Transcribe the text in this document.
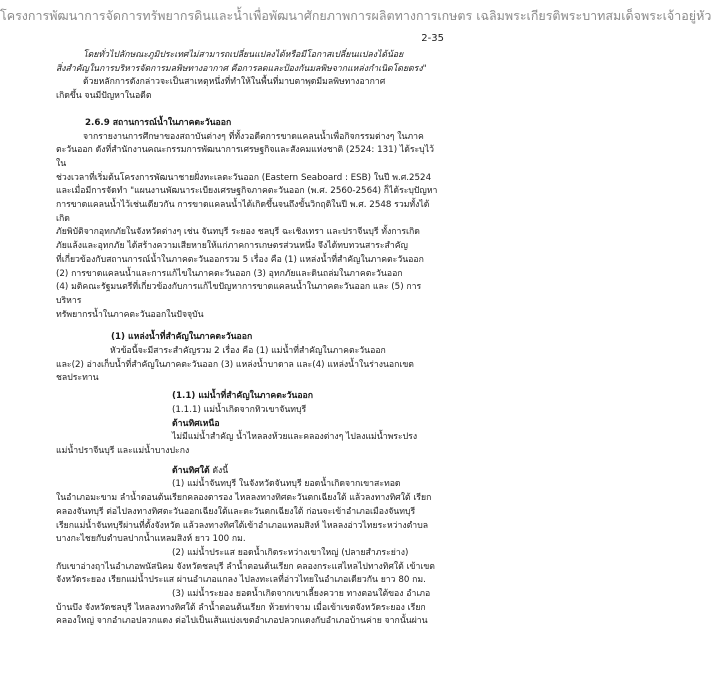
โครงการพัฒนาการจัดการทรัพยากรดินและน้ำเพื่อพัฒนาศักยภาพการผลิตทางการเกษตร เฉลิมพระเกียรติพระบาทสมเด็จพระเจ้าอยู่หัว
2-35

โดยทั่วไปลักษณะภูมิประเทศไม่สามารถเปลี่ยนแปลงได้หรือมีโอกาสเปลี่ยนแปลงได้น้อย

สิ่งสำคัญในการบริหารจัดการมลพิษทางอากาศ คือการลดและป้องกันมลพิษจากแหล่งกำเนิดโดยตรง"

ด้วยหลักการดังกล่าวจะเป็นสาเหตุหนึ่งที่ทำให้ในพื้นที่มาบตาพุดมีมลพิษทางอากาศ

เกิดขึ้น จนมีปัญหาในอดีต

2.6.9 สถานการณ์น้ำในภาคตะวันออก

จากรายงานการศึกษาของสถาบันต่างๆ ที่ทั้งวอดีตการขาดแคลนน้ำเพื่อกิจกรรมต่างๆ ในภาค

ตะวันออก ดังที่สำนักงานคณะกรรมการพัฒนาการเศรษฐกิจและสังคมแห่งชาติ (2524: 131) ได้ระบุไว้ใน

ช่วงเวลาที่เริ่มต้นโครงการพัฒนาชายฝั่งทะเลตะวันออก (Eastern Seaboard : ESB) ในปี พ.ศ.2524

และเมื่อมีการจัดทำ "แผนงานพัฒนาระเบียงเศรษฐกิจภาคตะวันออก (พ.ศ. 2560-2564) ก็ได้ระบุปัญหา

การขาดแคลนน้ำไว้เช่นเดียวกัน การขาดแคลนน้ำได้เกิดขึ้นจนถึงขั้นวิกฤติในปี พ.ศ. 2548 รวมทั้งได้เกิด

ภัยพิบัติจากอุทกภัยในจังหวัดต่างๆ เช่น จันทบุรี ระยอง ชลบุรี ฉะเชิงเทรา และปราจีนบุรี ทั้งการเกิด

ภัยแล้งและอุทกภัย ได้สร้างความเสียหายให้แก่ภาคการเกษตรส่วนหนึ่ง จึงได้ทบทวนสาระสำคัญ

ที่เกี่ยวข้องกับสถานการณ์น้ำในภาคตะวันออกรวม 5 เรื่อง คือ (1) แหล่งน้ำที่สำคัญในภาคตะวันออก

(2) การขาดแคลนน้ำและการแก้ไขในภาคตะวันออก (3) อุทกภัยและดินถล่มในภาคตะวันออก

(4) มติคณะรัฐมนตรีที่เกี่ยวข้องกับการแก้ไขปัญหาการขาดแคลนน้ำในภาคตะวันออก และ (5) การบริหาร

ทรัพยากรน้ำในภาคตะวันออกในปัจจุบัน

(1) แหล่งน้ำที่สำคัญในภาคตะวันออก

หัวข้อนี้จะมีสาระสำคัญรวม 2 เรื่อง คือ (1) แม่น้ำที่สำคัญในภาคตะวันออก

และ(2) อ่างเก็บน้ำที่สำคัญในภาคตะวันออก (3) แหล่งน้ำบาดาล และ(4) แหล่งน้ำในร่างนอกเขต

ชลประทาน

(1.1) แม่น้ำที่สำคัญในภาคตะวันออก

(1.1.1) แม่น้ำเกิดจากทิวเขาจันทบุรี

ด้านทิศเหนือ

ไม่มีแม่น้ำสำคัญ น้ำไหลลงห้วยและคลองต่างๆ ไปลงแม่น้ำพระปรง

แม่น้ำปราจีนบุรี และแม่น้ำบางปะกง

ด้านทิศใต้ ดังนี้

(1) แม่น้ำจันทบุรี ในจังหวัดจันทบุรี ยอดน้ำเกิดจากเขาสะทอด

ในอำเภอมะขาม ลำน้ำตอนต้นเรียกคลองตารอง ไหลลงทางทิศตะวันตกเฉียงใต้ แล้วลงทางทิศใต้ เรียก

คลองจันทบุรี ต่อไปลงทางทิศตะวันออกเฉียงใต้และตะวันตกเฉียงใต้ ก่อนจะเข้าอำเภอเมืองจันทบุรี

เรียกแม่น้ำจันทบุรีผ่านที่ตั้งจังหวัด แล้วลงทางทิศใต้เข้าอำเภอแหลมสิงห์ ไหลลงอ่าวไทยระหว่างตำบล

บางกะไชยกับตำบลปากน้ำแหลมสิงห์ ยาว 100 กม.

(2) แม่น้ำประแส ยอดน้ำเกิดระหว่างเขาใหญ่ (ปลายสำภระย่าง)

กับเขาอ่างฤาไนอำเภอพนัสนิคม จังหวัดชลบุรี ลำน้ำตอนต้นเรียก คลองกระแสไหลไปทางทิศใต้ เข้าเขต

จังหวัดระยอง เรียกแม่น้ำประแส ผ่านอำเภอแกลง ไปลงทะเลที่อ่าวไทยในอำเภอเดียวกัน ยาว 80 กม.

(3) แม่น้ำระยอง ยอดน้ำเกิดจากเขาเลี้ยงควาย ทางตอนใต้ของ อำเภอ

บ้านบึง จังหวัดชลบุรี ไหลลงทางทิศใต้ ลำน้ำตอนต้นเรียก ห้วยท่าจาม เมื่อเข้าเขตจังหวัดระยอง เรียก

คลองใหญ่ จากอำเภอปลวกแดง ต่อไปเป็นเส้นแบ่งเขตอำเภอปลวกแดงกับอำเภอบ้านค่าย จากนั้นผ่าน
